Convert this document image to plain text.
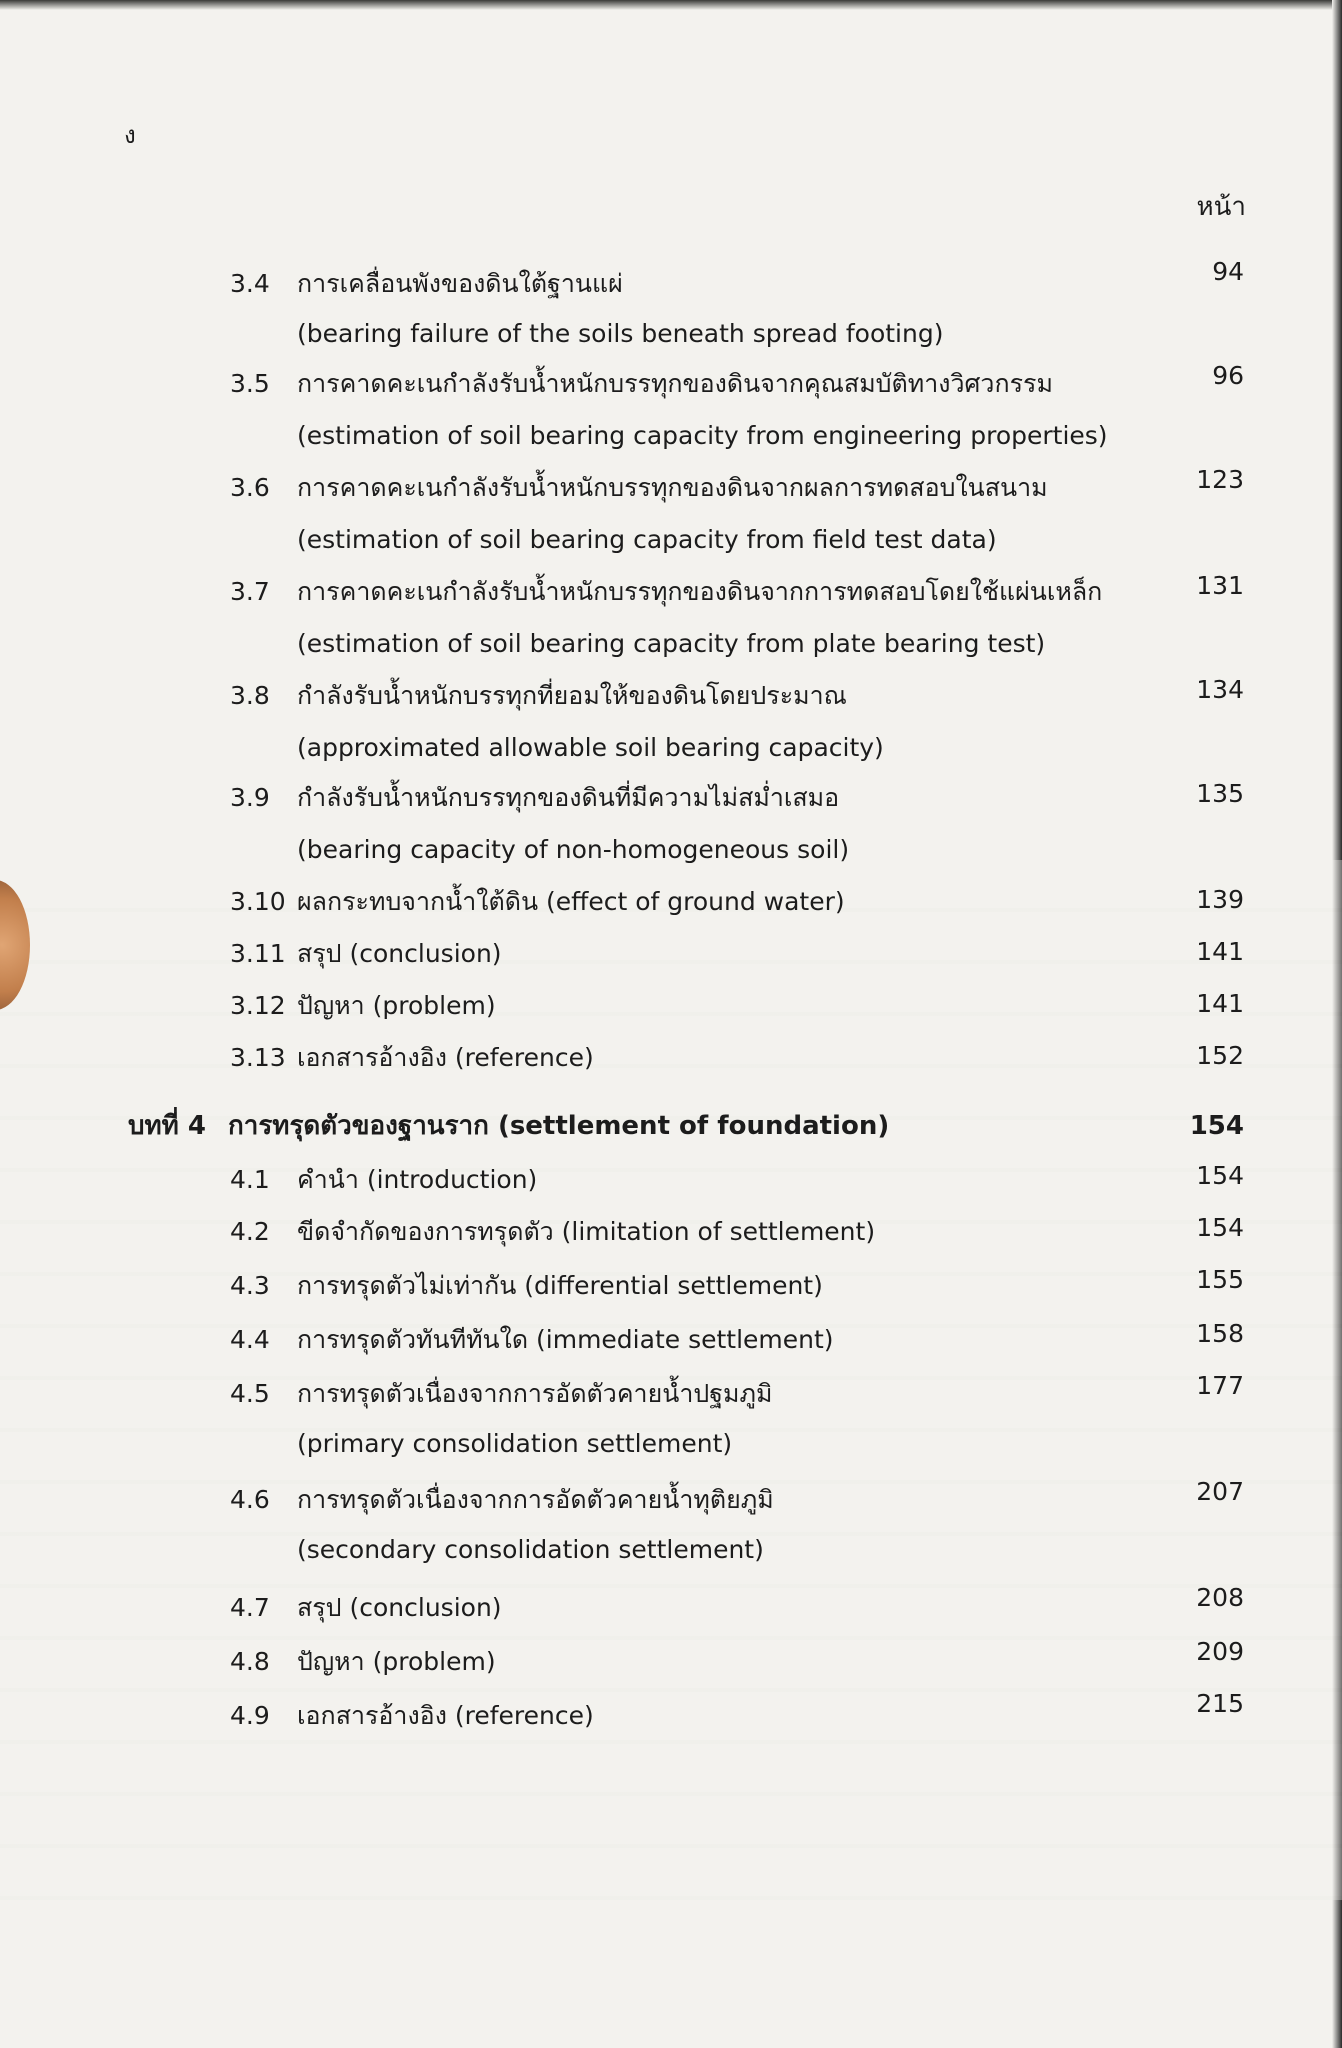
ง
หน้า
3.4 การเคลื่อนพังของดินใต้ฐานแผ่	94
(bearing failure of the soils beneath spread footing)
3.5 การคาดคะเนกำลังรับน้ำหนักบรรทุกของดินจากคุณสมบัติทางวิศวกรรม	96
(estimation of soil bearing capacity from engineering properties)
3.6 การคาดคะเนกำลังรับน้ำหนักบรรทุกของดินจากผลการทดสอบในสนาม	123
(estimation of soil bearing capacity from field test data)
3.7 การคาดคะเนกำลังรับน้ำหนักบรรทุกของดินจากการทดสอบโดยใช้แผ่นเหล็ก	131
(estimation of soil bearing capacity from plate bearing test)
3.8 กำลังรับน้ำหนักบรรทุกที่ยอมให้ของดินโดยประมาณ	134
(approximated allowable soil bearing capacity)
3.9 กำลังรับน้ำหนักบรรทุกของดินที่มีความไม่สม่ำเสมอ	135
(bearing capacity of non-homogeneous soil)
3.10 ผลกระทบจากน้ำใต้ดิน (effect of ground water)	139
3.11 สรุป (conclusion)	141
3.12 ปัญหา (problem)	141
3.13 เอกสารอ้างอิง (reference)	152
บทที่ 4 การทรุดตัวของฐานราก (settlement of foundation)	154
4.1 คำนำ (introduction)	154
4.2 ขีดจำกัดของการทรุดตัว (limitation of settlement)	154
4.3 การทรุดตัวไม่เท่ากัน (differential settlement)	155
4.4 การทรุดตัวทันทีทันใด (immediate settlement)	158
4.5 การทรุดตัวเนื่องจากการอัดตัวคายน้ำปฐมภูมิ	177
(primary consolidation settlement)
4.6 การทรุดตัวเนื่องจากการอัดตัวคายน้ำทุติยภูมิ	207
(secondary consolidation settlement)
4.7 สรุป (conclusion)	208
4.8 ปัญหา (problem)	209
4.9 เอกสารอ้างอิง (reference)	215
